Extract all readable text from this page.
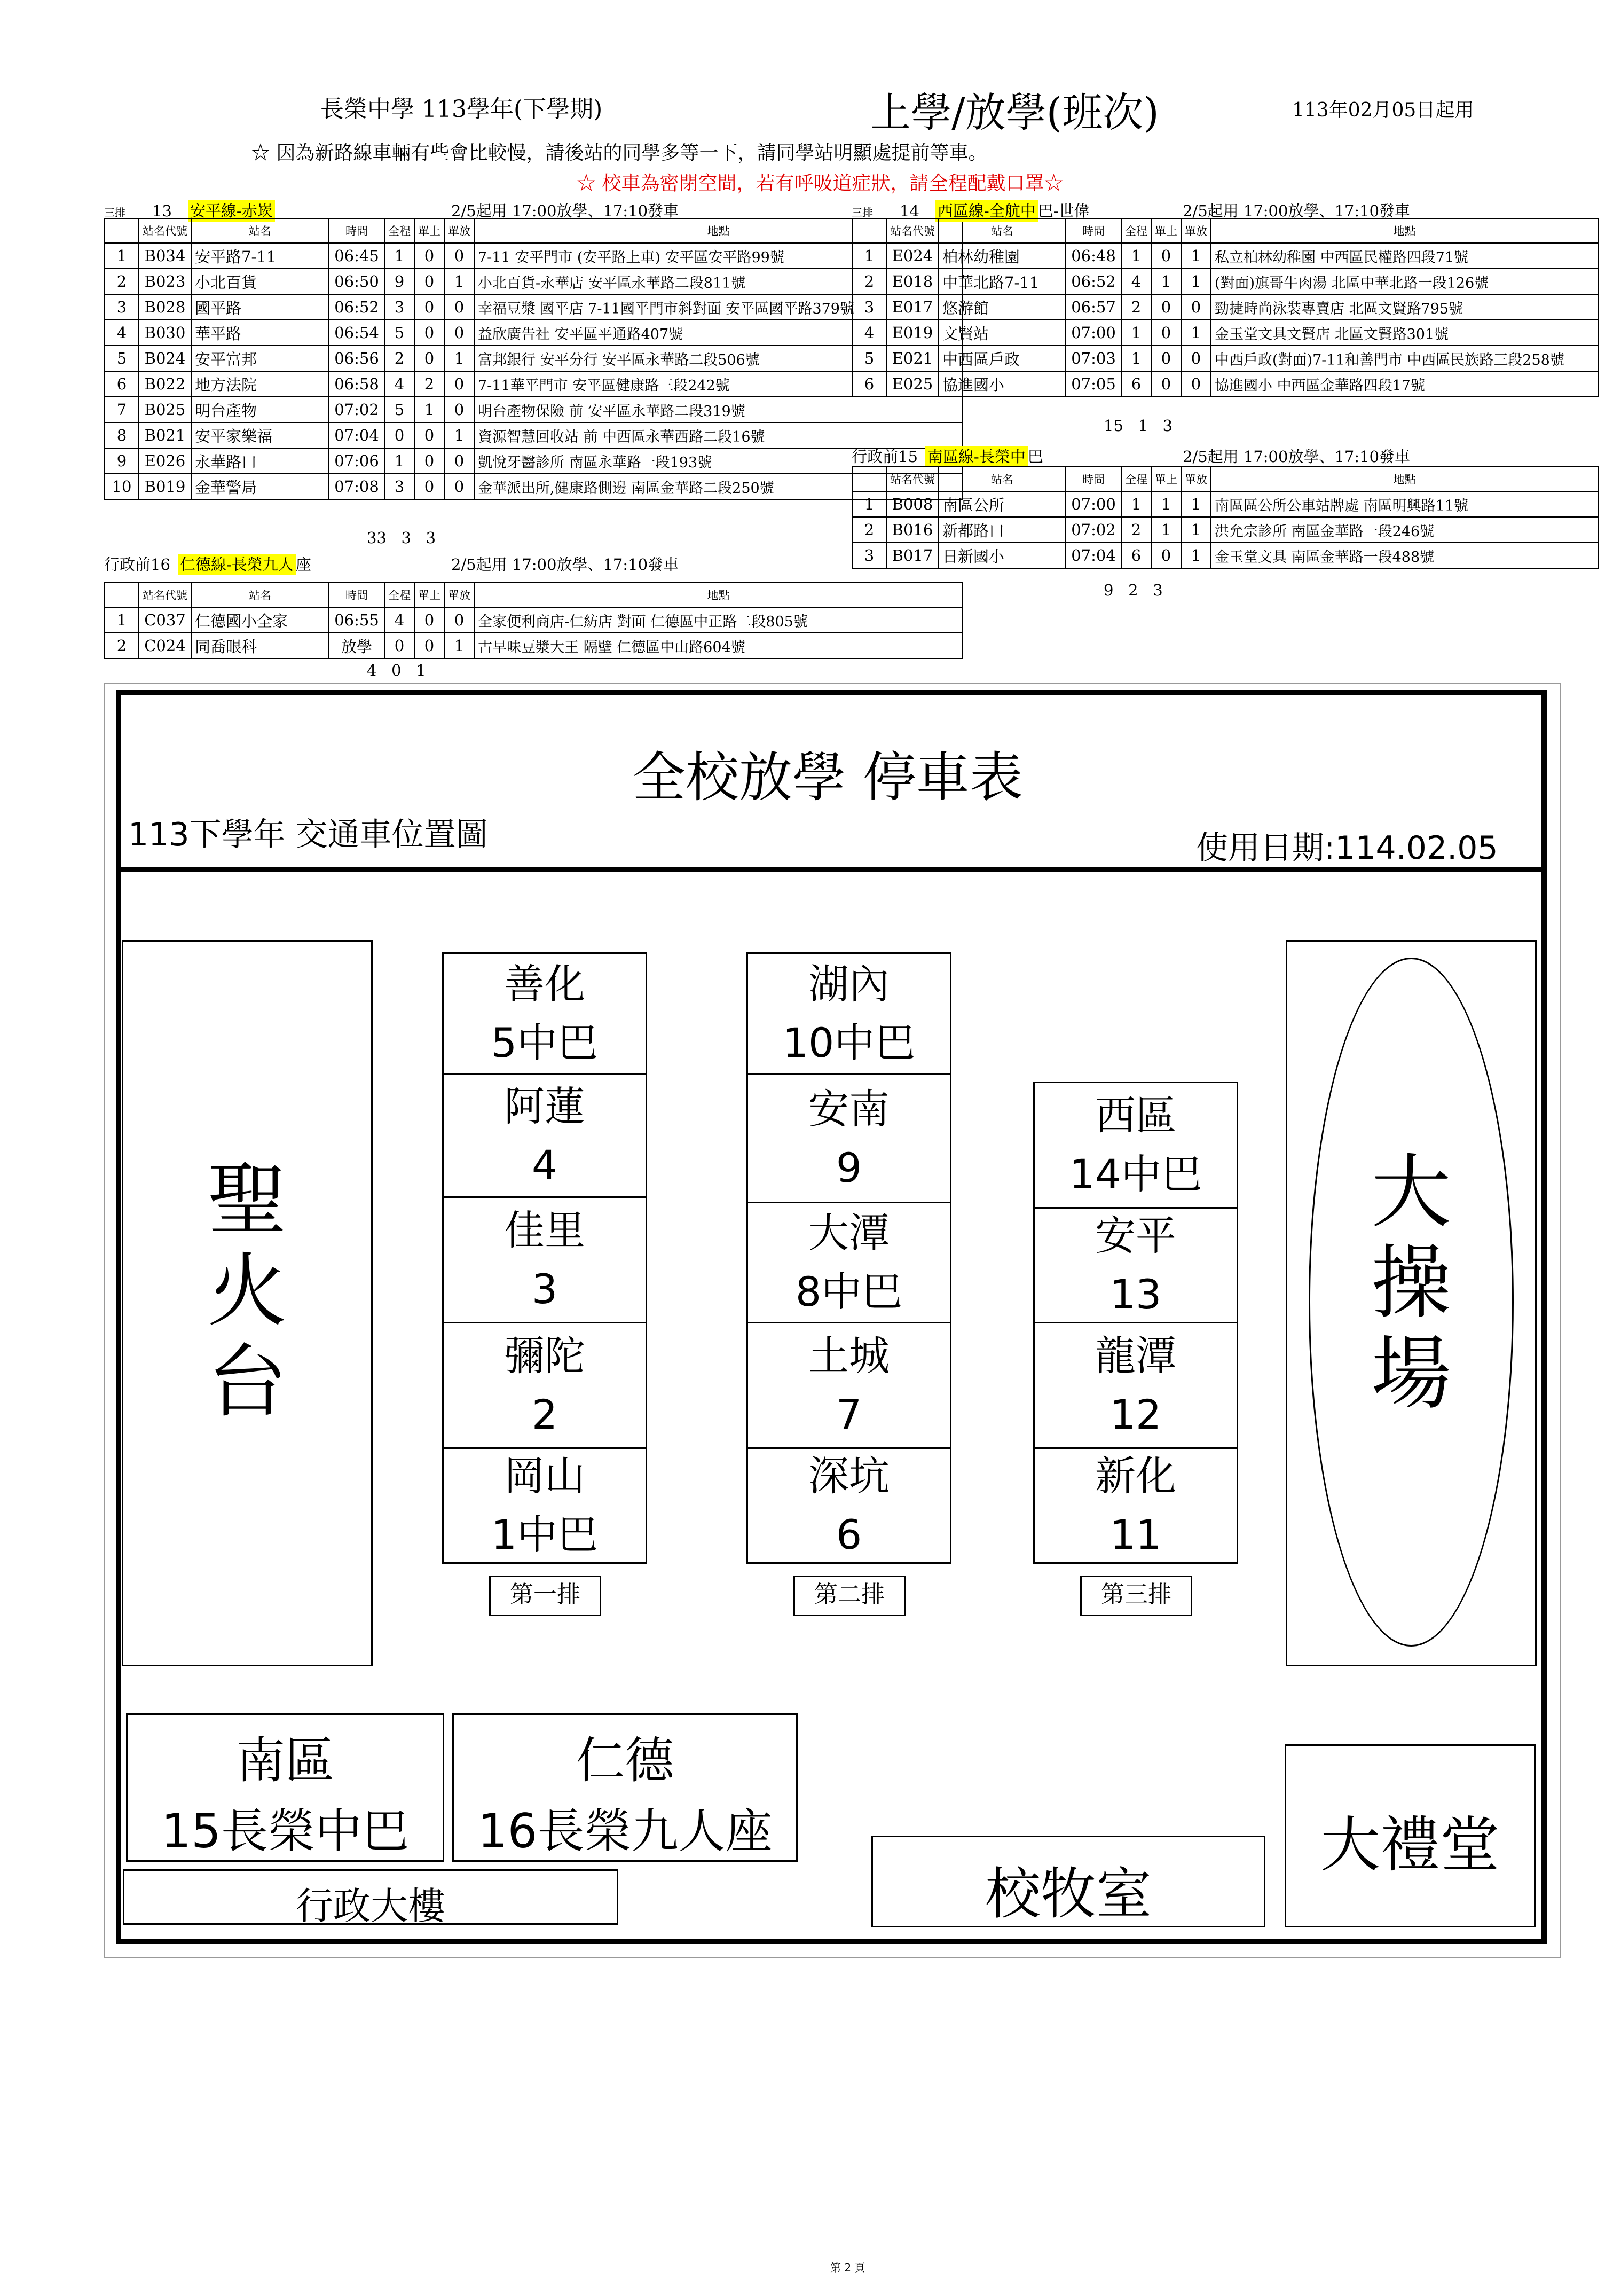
長榮中學 113學年(下學期)	上學/放學(班次)	113年02月05日起用
☆ 因為新路線車輛有些會比較慢，請後站的同學多等一下，請同學站明顯處提前等車。
☆ 校車為密閉空間，若有呼吸道症狀，請全程配戴口罩☆
三排 13 安平線-赤崁	2/5起用 17:00放學、17:10發車
	站名代號	站名	時間	全程	單上	單放	地點
1	B034	安平路7-11	06:45	1	0	0	7-11 安平門市 (安平路上車) 安平區安平路99號
2	B023	小北百貨	06:50	9	0	1	小北百貨-永華店 安平區永華路二段811號
3	B028	國平路	06:52	3	0	0	幸福豆漿 國平店 7-11國平門市斜對面 安平區國平路379號
4	B030	華平路	06:54	5	0	0	益欣廣告社 安平區平通路407號
5	B024	安平富邦	06:56	2	0	1	富邦銀行 安平分行 安平區永華路二段506號
6	B022	地方法院	06:58	4	2	0	7-11華平門市 安平區健康路三段242號
7	B025	明台產物	07:02	5	1	0	明台產物保險 前 安平區永華路二段319號
8	B021	安平家樂福	07:04	0	0	1	資源智慧回收站 前 中西區永華西路二段16號
9	E026	永華路口	07:06	1	0	0	凱悅牙醫診所 南區永華路一段193號
10	B019	金華警局	07:08	3	0	0	金華派出所,健康路側邊 南區金華路二段250號
33   3   3
行政前16 仁德線-長榮九人 座	2/5起用 17:00放學、17:10發車
	站名代號	站名	時間	全程	單上	單放	地點
1	C037	仁德國小全家	06:55	4	0	0	全家便利商店-仁紡店 對面 仁德區中正路二段805號
2	C024	同喬眼科	放學	0	0	1	古早味豆漿大王 隔壁 仁德區中山路604號
4   0   1
三排 14 西區線-全航中 巴-世偉	2/5起用 17:00放學、17:10發車
	站名代號	站名	時間	全程	單上	單放	地點
1	E024	柏林幼稚園	06:48	1	0	1	私立柏林幼稚園 中西區民權路四段71號
2	E018	中華北路7-11	06:52	4	1	1	(對面)旗哥牛肉湯 北區中華北路一段126號
3	E017	悠游館	06:57	2	0	0	勁捷時尚泳裝專賣店 北區文賢路795號
4	E019	文賢站	07:00	1	0	1	金玉堂文具文賢店 北區文賢路301號
5	E021	中西區戶政	07:03	1	0	0	中西戶政(對面)7-11和善門市 中西區民族路三段258號
6	E025	協進國小	07:05	6	0	0	協進國小 中西區金華路四段17號
15   1   3
行政前15 南區線-長榮中 巴	2/5起用 17:00放學、17:10發車
	站名代號	站名	時間	全程	單上	單放	地點
1	B008	南區公所	07:00	1	1	1	南區區公所公車站牌處 南區明興路11號
2	B016	新都路口	07:02	2	1	1	洪允宗診所 南區金華路一段246號
3	B017	日新國小	07:04	6	0	1	金玉堂文具 南區金華路一段488號
9   2   3
全校放學 停車表
113下學年 交通車位置圖	使用日期:114.02.05
聖
火
台
大
操
場
善化
5中巴
阿蓮
4
佳里
3
彌陀
2
岡山
1中巴
第一排
湖內
10中巴
安南
9
大潭
8中巴
土城
7
深坑
6
第二排
西區
14中巴
安平
13
龍潭
12
新化
11
第三排
南區
15長榮中巴
仁德
16長榮九人座
行政大樓	校牧室
大禮堂
第 2 頁
